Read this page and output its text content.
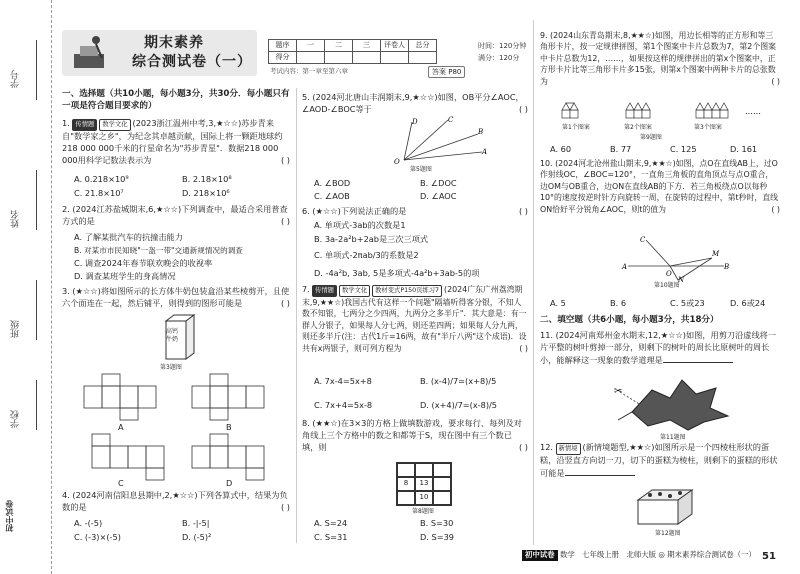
学号
姓名
班级
学校
初中试卷
期末素养
综合测试卷（一）
题序	一	二	三	评卷人	总分
得分					
时间：120分钟
满分：120分
考试内容：第一章至第六章	答案 P80
一、选择题（共10小题，每小题3分，共30分．每小题只有一项是符合题目要求的）
1. 传情题 数学文化 (2023浙江温州中考,3,★☆☆)苏步青来自"数学家之乡"，为纪念其卓越贡献，国际上将一颗距地球约218 000 000千米的行星命名为"苏步青星"．数据218 000 000用科学记数法表示为	( )
A. 0.218×10⁹	B. 2.18×10⁸
C. 21.8×10⁷	D. 218×10⁶
2. (2024江苏盐城期末,6,★☆☆)下列调查中，最适合采用普查方式的是	( )
A. 了解某批汽车的抗撞击能力
B. 对某市市民知晓"一盔一带"交通新规情况的调查
C. 调查2024年春节联欢晚会的收视率
D. 调查某班学生的身高情况
3. (★☆☆)将如图所示的长方体牛奶包装盒沿某些棱剪开，且使六个面连在一起，然后铺平，则得到的图形可能是	( )
高钙牛奶
第3题图
A	B
C	D
4. (2024河南信阳息县期中,2,★☆☆)下列各算式中，结果为负数的是	( )
A. -(-5)	B. -|-5|
C. (-3)×(-5)	D. (-5)²
5. (2024河北唐山丰润期末,9,★☆☆)如图，OB平分∠AOC，∠AOD-∠BOC等于	( )
O
A
B
C
D
第5题图
A. ∠BOD	B. ∠DOC
C. ∠AOB	D. ∠AOC
6. (★☆☆)下列说法正确的是	( )
A. 单项式-3ab的次数是1
B. 3a-2a²b+2ab是三次三项式
C. 单项式-2πab/3的系数是2
D. -4a²b, 3ab, 5是多项式-4a²b+3ab-5的项
7. 传情题 数学文化 教材变式P150页练习7 (2024广东广州荔湾期末,9,★★☆)我国古代有这样一个问题"隔墙听得客分银，不知人数不知银，七两分之少四两，九两分之多半斤"．其大意是：有一群人分银子，如果每人分七两，则还差四两；如果每人分九两，则还多半斤(注：古代1斤=16两，故有"半斤八两"这个成语)．设共有x两银子，则可列方程为	( )
A. 7x-4=5x+8	B. (x-4)/7=(x+8)/5
C. 7x+4=5x-8	D. (x+4)/7=(x-8)/5
8. (★★☆)在3×3的方格上做填数游戏，要求每行、每列及对角线上三个方格中的数之和都等于S，现在图中有三个数已填，则	( )
8	13
10
第8题图
A. S=24	B. S=30
C. S=31	D. S=39
9. (2024山东青岛期末,8,★★☆)如图，用边长相等的正方形和等三角形卡片，按一定规律拼图，第1个图案中卡片总数为7，第2个图案中卡片总数为12，……，如果按这样的规律拼出的第x个图案中，正方形卡片比等三角形卡片多15张，则第x个图案中两种卡片的总张数为	( )
……
第1个图案	第2个图案	第3个图案
第9题图
A. 60	B. 77	C. 125	D. 161
10. (2024河北沧州盐山期末,9,★★☆)如图，点O在直线AB上，过O作射线OC，∠BOC=120°，一直角三角板的直角顶点与点O重合，边OM与OB重合，边ON在直线AB的下方．若三角板绕点O以每秒10°的速度按逆时针方向旋转一周，在旋转的过程中，第t秒时，直线ON恰好平分锐角∠AOC，则t的值为	( )
A	B
C
O
M
N
第10题图
A. 5	B. 6	C. 5或23	D. 6或24
二、填空题（共6小题，每小题3分，共18分）
11. (2024河南郑州金水期末,12,★☆☆)如图，用剪刀沿虚线将一片平整的树叶剪掉一部分，则剩下的树叶的周长比原树叶的周长小，能解释这一现象的数学道理是
✂
第11题图
12. 新情境 (新情境题型,★★☆)如图所示是一个四棱柱形状的蛋糕，沿竖直方向切一刀，切下的蛋糕为棱柱，则剩下的蛋糕的形状可能是
第12题图
初中试卷 数学　七年级上册　北师大版 ◎ 期末素养综合测试卷（一） 51
